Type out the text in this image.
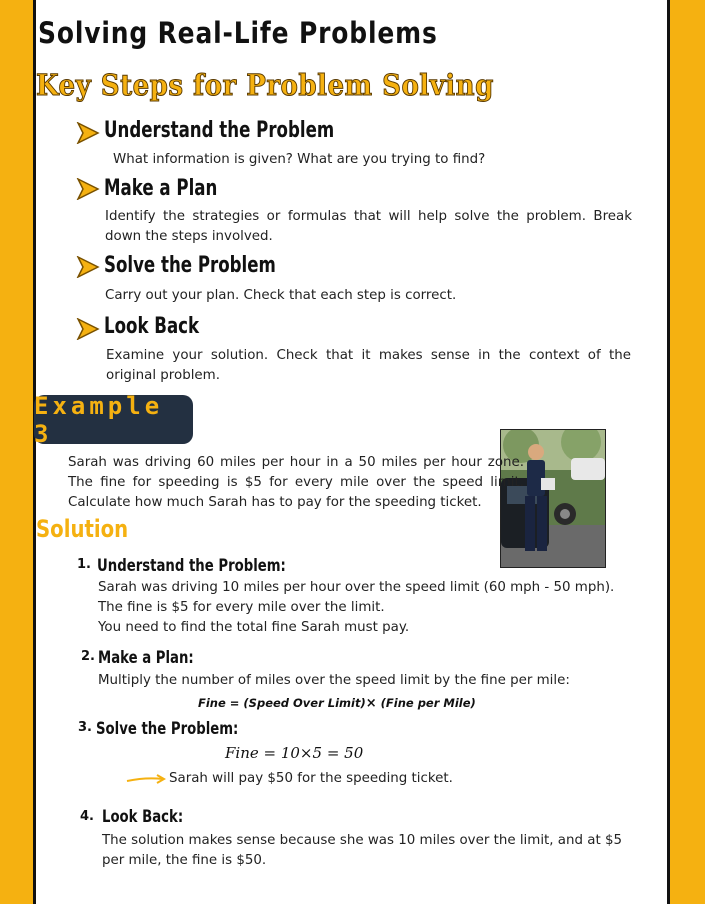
Solving Real-Life Problems
Key Steps for Problem Solving
Understand the Problem
What information is given? What are you trying to find?
Make a Plan
Identify the strategies or formulas that will help solve the problem. Break down the steps involved.
Solve the Problem
Carry out your plan. Check that each step is correct.
Look Back
Examine your solution. Check that it makes sense in the context of the original problem.
Example 3
Sarah was driving 60 miles per hour in a 50 miles per hour zone. The fine for speeding is $5 for every mile over the speed limit. Calculate how much Sarah has to pay for the speeding ticket.
Solution
1. Understand the Problem:
Sarah was driving 10 miles per hour over the speed limit (60 mph - 50 mph).
The fine is $5 for every mile over the limit.
You need to find the total fine Sarah must pay.
2. Make a Plan:
Multiply the number of miles over the speed limit by the fine per mile:
Fine = (Speed Over Limit)× (Fine per Mile)
3. Solve the Problem:
Fine = 10×5 = 50
Sarah will pay $50 for the speeding ticket.
4. Look Back:
The solution makes sense because she was 10 miles over the limit, and at $5 per mile, the fine is $50.
